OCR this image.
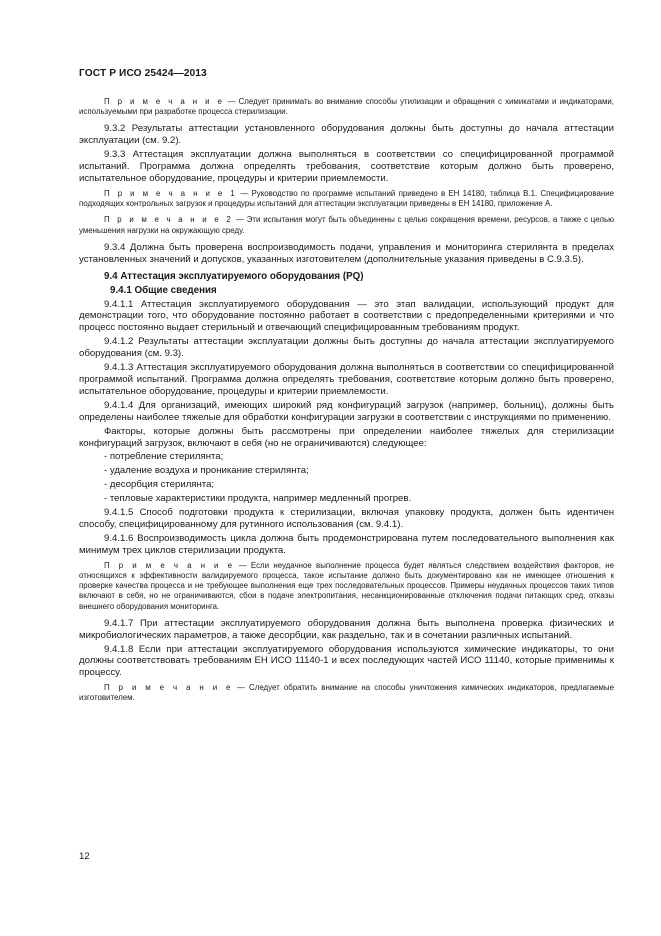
ГОСТ Р ИСО 25424—2013

П р и м е ч а н и е — Следует принимать во внимание способы утилизации и обращения с химикатами и индикаторами, используемыми при разработке процесса стерилизации.

9.3.2 Результаты аттестации установленного оборудования должны быть доступны до начала аттестации эксплуатации (см. 9.2).

9.3.3 Аттестация эксплуатации должна выполняться в соответствии со специфицированной программой испытаний. Программа должна определять требования, соответствие которым должно быть проверено, испытательное оборудование, процедуры и критерии приемлемости.

П р и м е ч а н и е 1 — Руководство по программе испытаний приведено в ЕН 14180, таблица В.1. Специфицирование подходящих контрольных загрузок и процедуры испытаний для аттестации эксплуатации приведены в ЕН 14180, приложение А.

П р и м е ч а н и е 2 — Эти испытания могут быть объединены с целью сокращения времени, ресурсов, а также с целью уменьшения нагрузки на окружающую среду.

9.3.4 Должна быть проверена воспроизводимость подачи, управления и мониторинга стерилянта в пределах установленных значений и допусков, указанных изготовителем (дополнительные указания приведены в С.9.3.5).

9.4 Аттестация эксплуатируемого оборудования (PQ)
9.4.1 Общие сведения

9.4.1.1 Аттестация эксплуатируемого оборудования — это этап валидации, использующий продукт для демонстрации того, что оборудование постоянно работает в соответствии с предопределенными критериями и что процесс постоянно выдает стерильный и отвечающий специфицированным требованиям продукт.

9.4.1.2 Результаты аттестации эксплуатации должны быть доступны до начала аттестации эксплуатируемого оборудования (см. 9.3).

9.4.1.3 Аттестация эксплуатируемого оборудования должна выполняться в соответствии со специфицированной программой испытаний. Программа должна определять требования, соответствие которым должно быть проверено, испытательное оборудование, процедуры и критерии приемлемости.

9.4.1.4 Для организаций, имеющих широкий ряд конфигураций загрузок (например, больниц), должны быть определены наиболее тяжелые для обработки конфигурации загрузки в соответствии с инструкциями по применению.

Факторы, которые должны быть рассмотрены при определении наиболее тяжелых для стерилизации конфигураций загрузок, включают в себя (но не ограничиваются) следующее:

- потребление стерилянта;
- удаление воздуха и проникание стерилянта;
- десорбция стерилянта;
- тепловые характеристики продукта, например медленный прогрев.

9.4.1.5 Способ подготовки продукта к стерилизации, включая упаковку продукта, должен быть идентичен способу, специфицированному для рутинного использования (см. 9.4.1).

9.4.1.6 Воспроизводимость цикла должна быть продемонстрирована путем последовательного выполнения как минимум трех циклов стерилизации продукта.

П р и м е ч а н и е — Если неудачное выполнение процесса будет являться следствием воздействия факторов, не относящихся к эффективности валидируемого процесса, такое испытание должно быть документировано как не имеющее отношения к проверке качества процесса и не требующее выполнения еще трех последовательных процессов. Примеры неудачных процессов таких типов включают в себя, но не ограничиваются, сбои в подаче электропитания, несанкционированные отключения подачи питающих сред, отказы внешнего оборудования мониторинга.

9.4.1.7 При аттестации эксплуатируемого оборудования должна быть выполнена проверка физических и микробиологических параметров, а также десорбции, как раздельно, так и в сочетании различных испытаний.

9.4.1.8 Если при аттестации эксплуатируемого оборудования используются химические индикаторы, то они должны соответствовать требованиям ЕН ИСО 11140-1 и всех последующих частей ИСО 11140, которые применимы к процессу.

П р и м е ч а н и е — Следует обратить внимание на способы уничтожения химических индикаторов, предлагаемые изготовителем.

12
